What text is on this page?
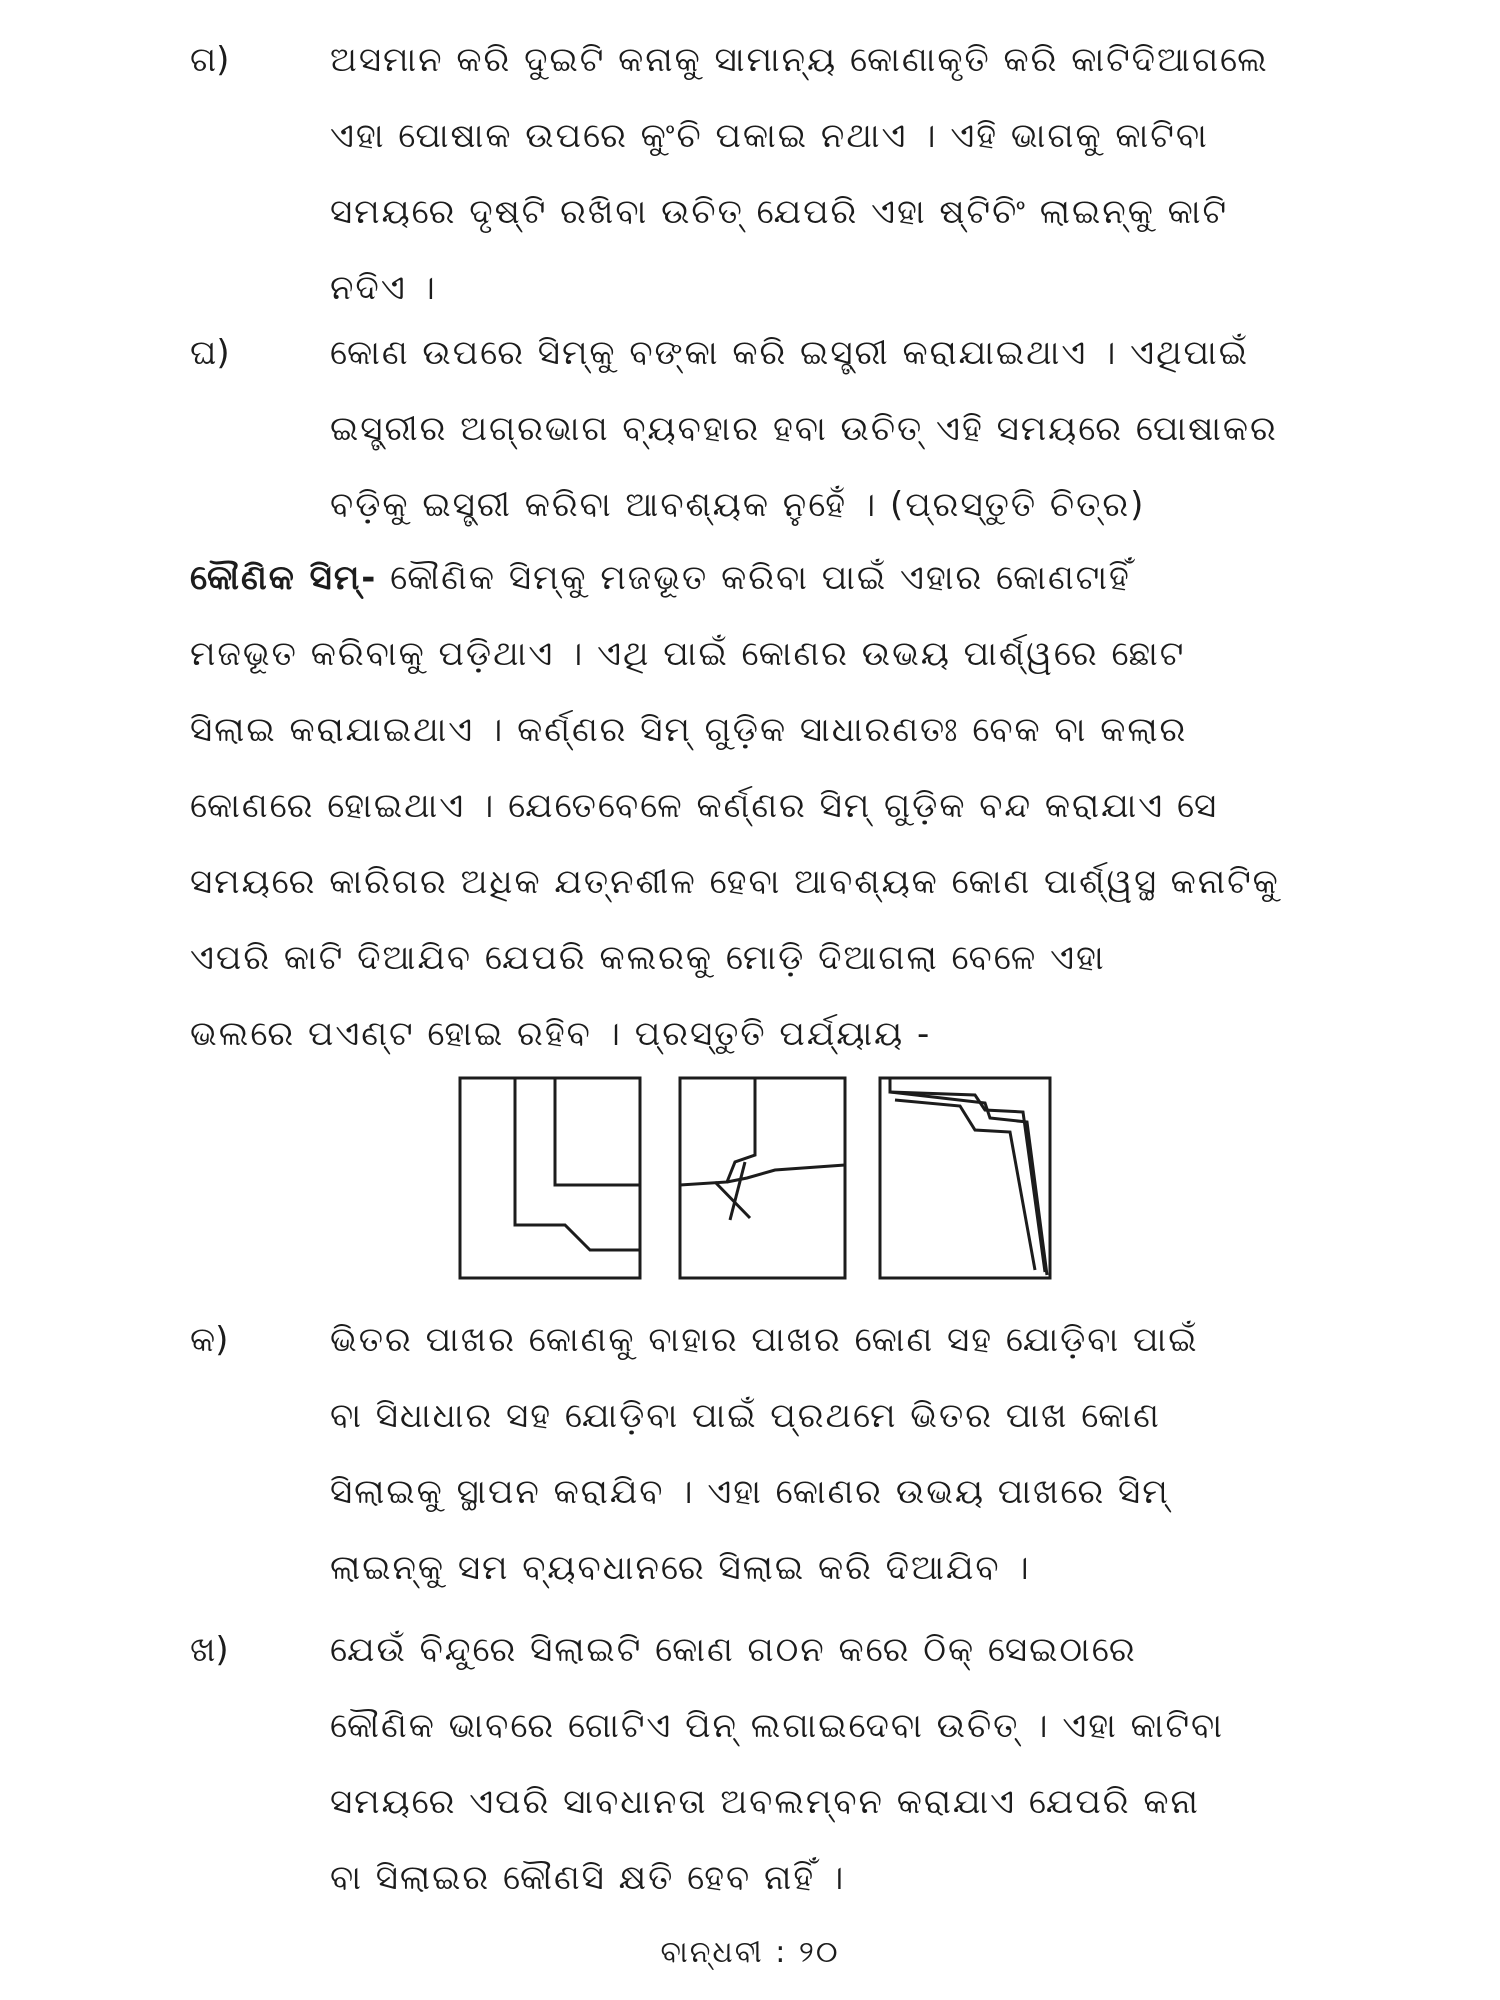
ଗ)	ଅସମାନ କରି ଦୁଇଟି କନାକୁ ସାମାନ୍ୟ କୋଣାକୃତି କରି କାଟିଦିଆଗଲେ
ଏହା ପୋଷାକ ଉପରେ କୁଂଚି ପକାଇ ନଥାଏ । ଏହି ଭାଗକୁ କାଟିବା
ସମୟରେ ଦୃଷ୍ଟି ରଖିବା ଉଚିତ୍ ଯେପରି ଏହା ଷ୍ଟିଚିଂ ଲାଇନ୍‌କୁ କାଟି
ନଦିଏ ।
ଘ)	କୋଣ ଉପରେ ସିମ୍‌କୁ ବଙ୍କା କରି ଇସ୍ତ୍ରୀ କରାଯାଇଥାଏ । ଏଥିପାଇଁ
ଇସ୍ତ୍ରୀର ଅଗ୍ରଭାଗ ବ୍ୟବହାର ହବା ଉଚିତ୍ ଏହି ସମୟରେ ପୋଷାକର
ବଡ଼ିକୁ ଇସ୍ତ୍ରୀ କରିବା ଆବଶ୍ୟକ ନୁହେଁ । (ପ୍ରସ୍ତୁତି ଚିତ୍ର)
କୌଣିକ ସିମ୍- କୌଣିକ ସିମ୍‌କୁ ମଜଭୂତ କରିବା ପାଇଁ ଏହାର କୋଣଟାହିଁ
ମଜଭୂତ କରିବାକୁ ପଡ଼ିଥାଏ । ଏଥି ପାଇଁ କୋଣର ଉଭୟ ପାର୍ଶ୍ୱରେ ଛୋଟ
ସିଲାଇ କରାଯାଇଥାଏ । କର୍ଣ୍ଣର ସିମ୍ ଗୁଡ଼ିକ ସାଧାରଣତଃ ବେକ ବା କଲାର
କୋଣରେ ହୋଇଥାଏ । ଯେତେବେଳେ କର୍ଣ୍ଣର ସିମ୍ ଗୁଡ଼ିକ ବନ୍ଦ କରାଯାଏ ସେ
ସମୟରେ କାରିଗର ଅଧିକ ଯତ୍ନଶୀଳ ହେବା ଆବଶ୍ୟକ କୋଣ ପାର୍ଶ୍ୱସ୍ଥ କନାଟିକୁ
ଏପରି କାଟି ଦିଆଯିବ ଯେପରି କଲରକୁ ମୋଡ଼ି ଦିଆଗଲା ବେଳେ ଏହା
ଭଲରେ ପଏଣ୍ଟ ହୋଇ ରହିବ । ପ୍ରସ୍ତୁତି ପର୍ଯ୍ୟାୟ -
କ)	ଭିତର ପାଖର କୋଣକୁ ବାହାର ପାଖର କୋଣ ସହ ଯୋଡ଼ିବା ପାଇଁ
ବା ସିଧାଧାର ସହ ଯୋଡ଼ିବା ପାଇଁ ପ୍ରଥମେ ଭିତର ପାଖ କୋଣ
ସିଲାଇକୁ ସ୍ଥାପନ କରାଯିବ । ଏହା କୋଣର ଉଭୟ ପାଖରେ ସିମ୍
ଲାଇନ୍‌କୁ ସମ ବ୍ୟବଧାନରେ ସିଲାଇ କରି ଦିଆଯିବ ।
ଖ)	ଯେଉଁ ବିନ୍ଦୁରେ ସିଲାଇଟି କୋଣ ଗଠନ କରେ ଠିକ୍ ସେଇଠାରେ
କୌଣିକ ଭାବରେ ଗୋଟିଏ ପିନ୍ ଲଗାଇଦେବା ଉଚିତ୍ । ଏହା କାଟିବା
ସମୟରେ ଏପରି ସାବଧାନତା ଅବଲମ୍ବନ କରାଯାଏ ଯେପରି କନା
ବା ସିଲାଇର କୌଣସି କ୍ଷତି ହେବ ନାହିଁ ।
ବାନ୍ଧବୀ : ୨୦
